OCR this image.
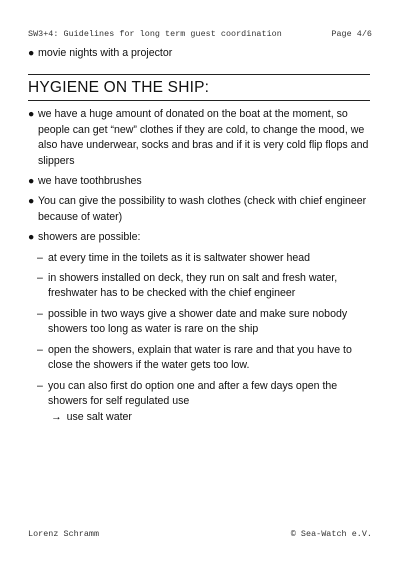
SW3+4: Guidelines for long term guest coordination	Page 4/6
● movie nights with a projector
HYGIENE ON THE SHIP:
● we have a huge amount of donated on the boat at the moment, so people can get “new” clothes if they are cold, to change the mood, we also have underwear, socks and bras and if it is very cold flip flops and slippers
● we have toothbrushes
● You can give the possibility to wash clothes (check with chief engineer because of water)
● showers are possible:
– at every time in the toilets as it is saltwater shower head
– in showers installed on deck, they run on salt and fresh water, freshwater has to be checked with the chief engineer
– possible in two ways give a shower date and make sure nobody showers too long as water is rare on the ship
– open the showers, explain that water is rare and that you have to close the showers if the water gets too low.
– you can also first do option one and after a few days open the showers for self regulated use
→ use salt water
Lorenz Schramm	© Sea-Watch e.V.
